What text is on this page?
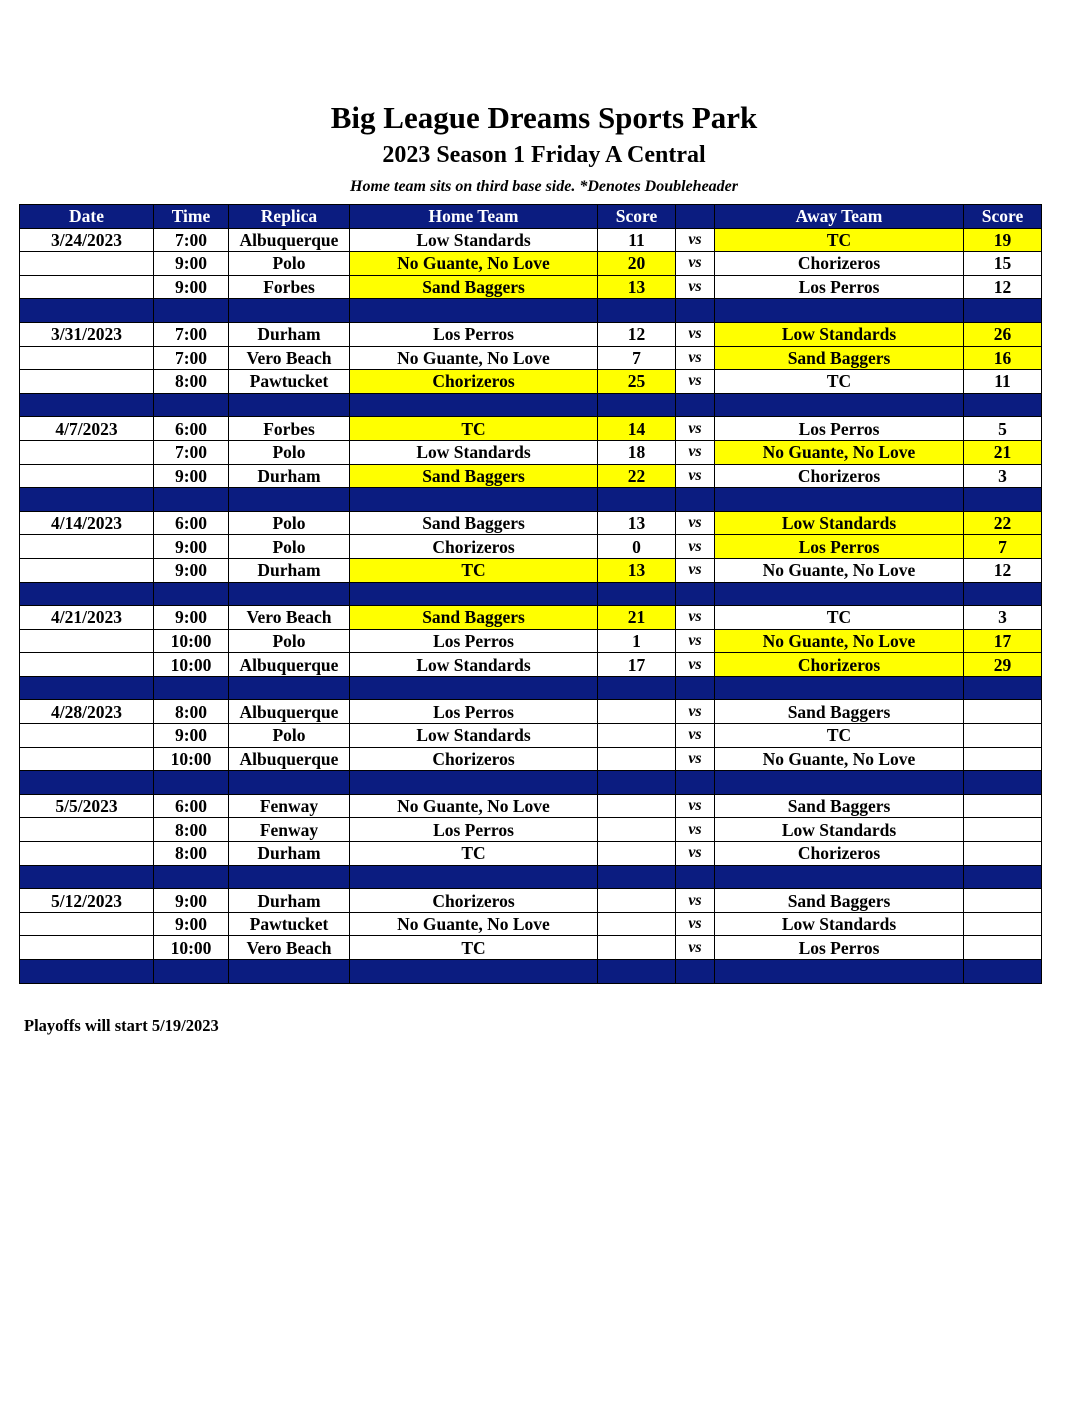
Big League Dreams Sports Park
2023 Season 1 Friday A Central
Home team sits on third base side. *Denotes Doubleheader
Date	Time	Replica	Home Team	Score		Away Team	Score
3/24/2023	7:00	Albuquerque	Low Standards	11	vs	TC	19
	9:00	Polo	No Guante, No Love	20	vs	Chorizeros	15
	9:00	Forbes	Sand Baggers	13	vs	Los Perros	12

3/31/2023	7:00	Durham	Los Perros	12	vs	Low Standards	26
	7:00	Vero Beach	No Guante, No Love	7	vs	Sand Baggers	16
	8:00	Pawtucket	Chorizeros	25	vs	TC	11

4/7/2023	6:00	Forbes	TC	14	vs	Los Perros	5
	7:00	Polo	Low Standards	18	vs	No Guante, No Love	21
	9:00	Durham	Sand Baggers	22	vs	Chorizeros	3

4/14/2023	6:00	Polo	Sand Baggers	13	vs	Low Standards	22
	9:00	Polo	Chorizeros	0	vs	Los Perros	7
	9:00	Durham	TC	13	vs	No Guante, No Love	12

4/21/2023	9:00	Vero Beach	Sand Baggers	21	vs	TC	3
	10:00	Polo	Los Perros	1	vs	No Guante, No Love	17
	10:00	Albuquerque	Low Standards	17	vs	Chorizeros	29

4/28/2023	8:00	Albuquerque	Los Perros		vs	Sand Baggers	
	9:00	Polo	Low Standards		vs	TC	
	10:00	Albuquerque	Chorizeros		vs	No Guante, No Love	

5/5/2023	6:00	Fenway	No Guante, No Love		vs	Sand Baggers	
	8:00	Fenway	Los Perros		vs	Low Standards	
	8:00	Durham	TC		vs	Chorizeros	

5/12/2023	9:00	Durham	Chorizeros		vs	Sand Baggers	
	9:00	Pawtucket	No Guante, No Love		vs	Low Standards	
	10:00	Vero Beach	TC		vs	Los Perros	

Playoffs will start 5/19/2023
